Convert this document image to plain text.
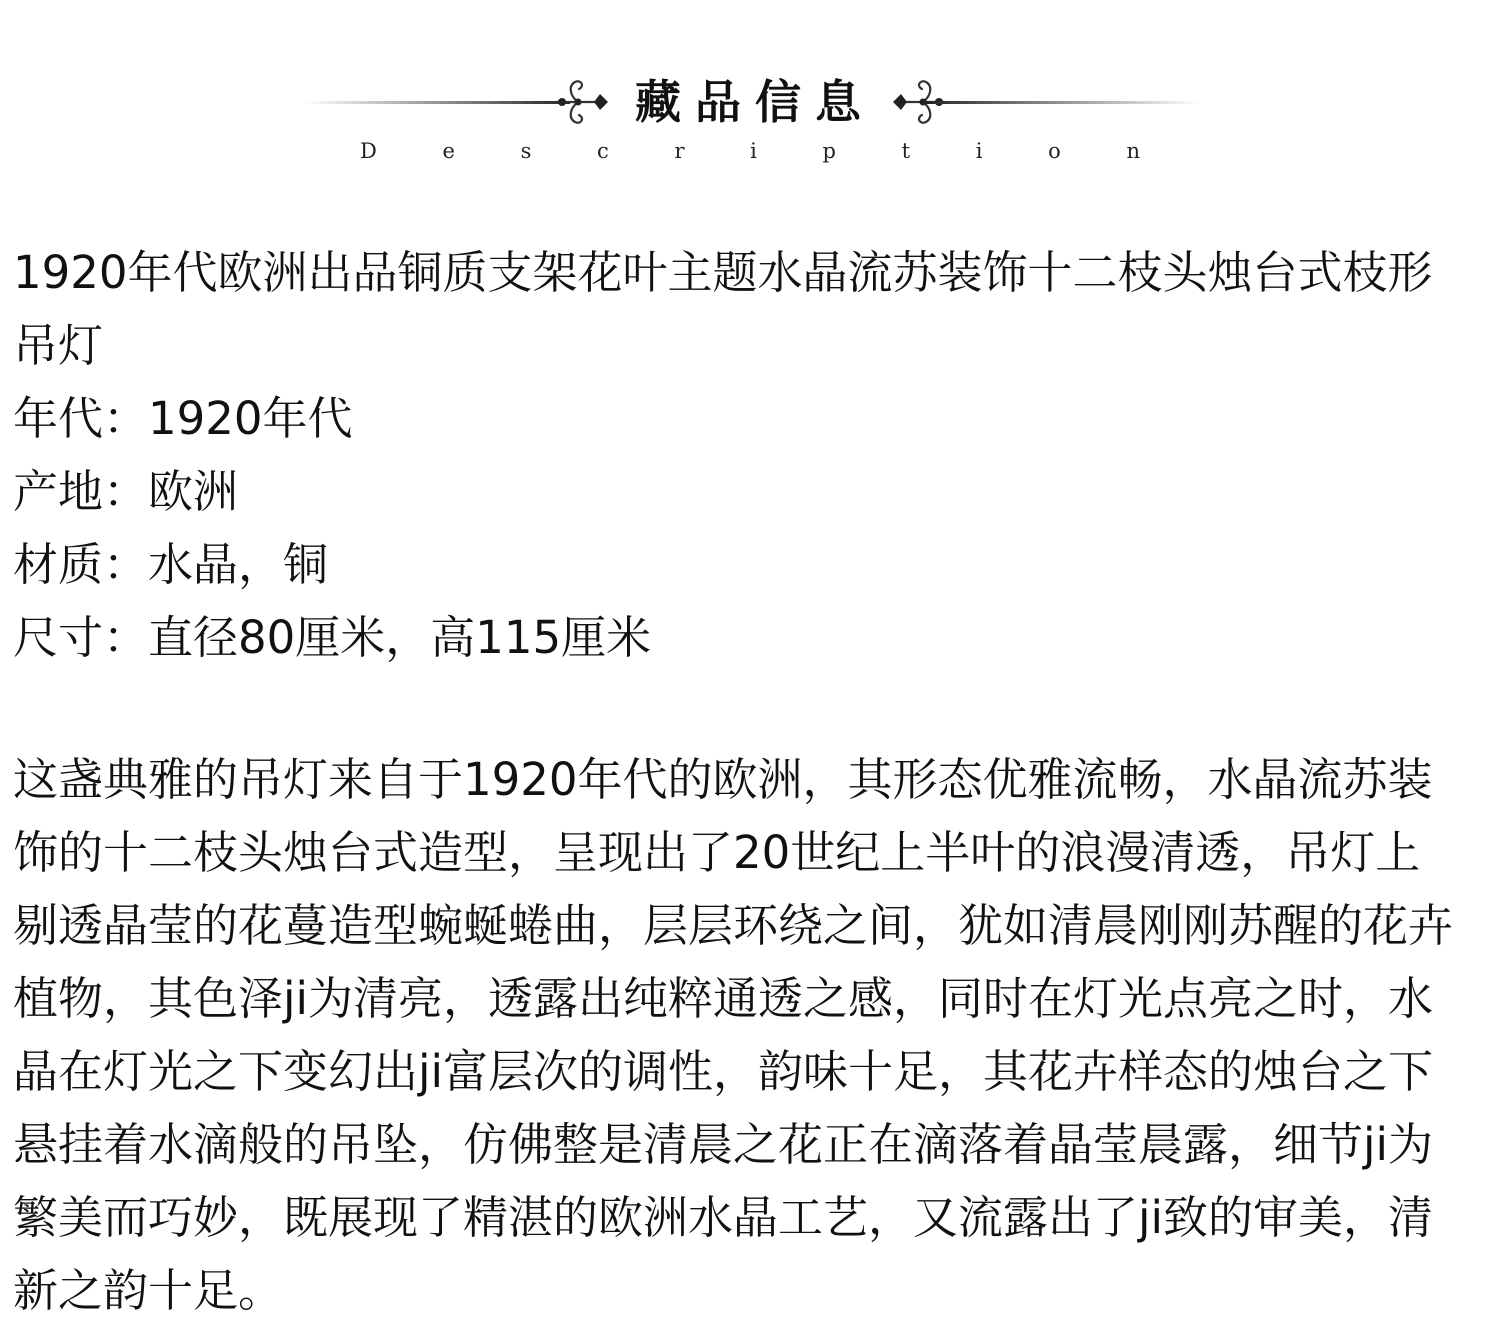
藏品信息
D	e	s	c	r	i	p	t	i	o	n

1920年代欧洲出品铜质支架花叶主题水晶流苏装饰十二枝头烛台式枝形吊灯

年代：1920年代

产地：欧洲

材质：水晶，铜

尺寸：直径80厘米，高115厘米

这盏典雅的吊灯来自于1920年代的欧洲，其形态优雅流畅，水晶流苏装饰的十二枝头烛台式造型，呈现出了20世纪上半叶的浪漫清透，吊灯上剔透晶莹的花蔓造型蜿蜒蜷曲，层层环绕之间，犹如清晨刚刚苏醒的花卉植物，其色泽ji为清亮，透露出纯粹通透之感，同时在灯光点亮之时，水晶在灯光之下变幻出ji富层次的调性，韵味十足，其花卉样态的烛台之下悬挂着水滴般的吊坠，仿佛整是清晨之花正在滴落着晶莹晨露，细节ji为繁美而巧妙，既展现了精湛的欧洲水晶工艺，又流露出了ji致的审美，清新之韵十足。
